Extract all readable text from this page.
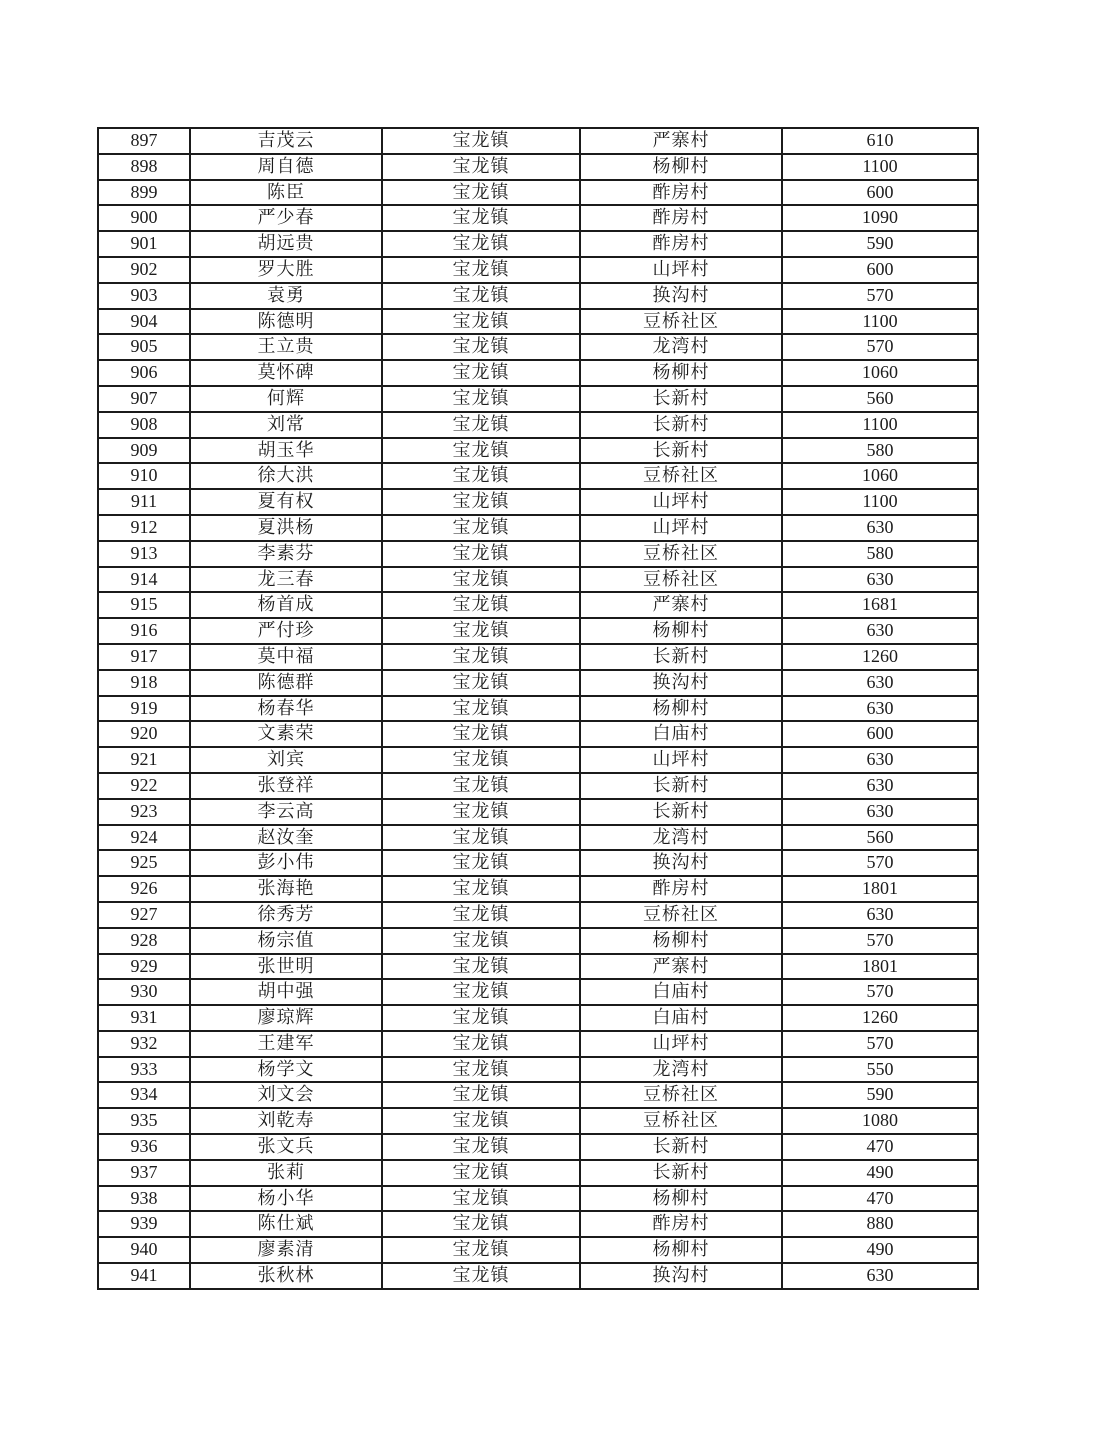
897	吉茂云	宝龙镇	严寨村	610
898	周自德	宝龙镇	杨柳村	1100
899	陈臣	宝龙镇	酢房村	600
900	严少春	宝龙镇	酢房村	1090
901	胡远贵	宝龙镇	酢房村	590
902	罗大胜	宝龙镇	山坪村	600
903	袁勇	宝龙镇	换沟村	570
904	陈德明	宝龙镇	豆桥社区	1100
905	王立贵	宝龙镇	龙湾村	570
906	莫怀碑	宝龙镇	杨柳村	1060
907	何辉	宝龙镇	长新村	560
908	刘常	宝龙镇	长新村	1100
909	胡玉华	宝龙镇	长新村	580
910	徐大洪	宝龙镇	豆桥社区	1060
911	夏有权	宝龙镇	山坪村	1100
912	夏洪杨	宝龙镇	山坪村	630
913	李素芬	宝龙镇	豆桥社区	580
914	龙三春	宝龙镇	豆桥社区	630
915	杨首成	宝龙镇	严寨村	1681
916	严付珍	宝龙镇	杨柳村	630
917	莫中福	宝龙镇	长新村	1260
918	陈德群	宝龙镇	换沟村	630
919	杨春华	宝龙镇	杨柳村	630
920	文素荣	宝龙镇	白庙村	600
921	刘宾	宝龙镇	山坪村	630
922	张登祥	宝龙镇	长新村	630
923	李云高	宝龙镇	长新村	630
924	赵汝奎	宝龙镇	龙湾村	560
925	彭小伟	宝龙镇	换沟村	570
926	张海艳	宝龙镇	酢房村	1801
927	徐秀芳	宝龙镇	豆桥社区	630
928	杨宗值	宝龙镇	杨柳村	570
929	张世明	宝龙镇	严寨村	1801
930	胡中强	宝龙镇	白庙村	570
931	廖琼辉	宝龙镇	白庙村	1260
932	王建军	宝龙镇	山坪村	570
933	杨学文	宝龙镇	龙湾村	550
934	刘文会	宝龙镇	豆桥社区	590
935	刘乾寿	宝龙镇	豆桥社区	1080
936	张文兵	宝龙镇	长新村	470
937	张莉	宝龙镇	长新村	490
938	杨小华	宝龙镇	杨柳村	470
939	陈仕斌	宝龙镇	酢房村	880
940	廖素清	宝龙镇	杨柳村	490
941	张秋林	宝龙镇	换沟村	630
